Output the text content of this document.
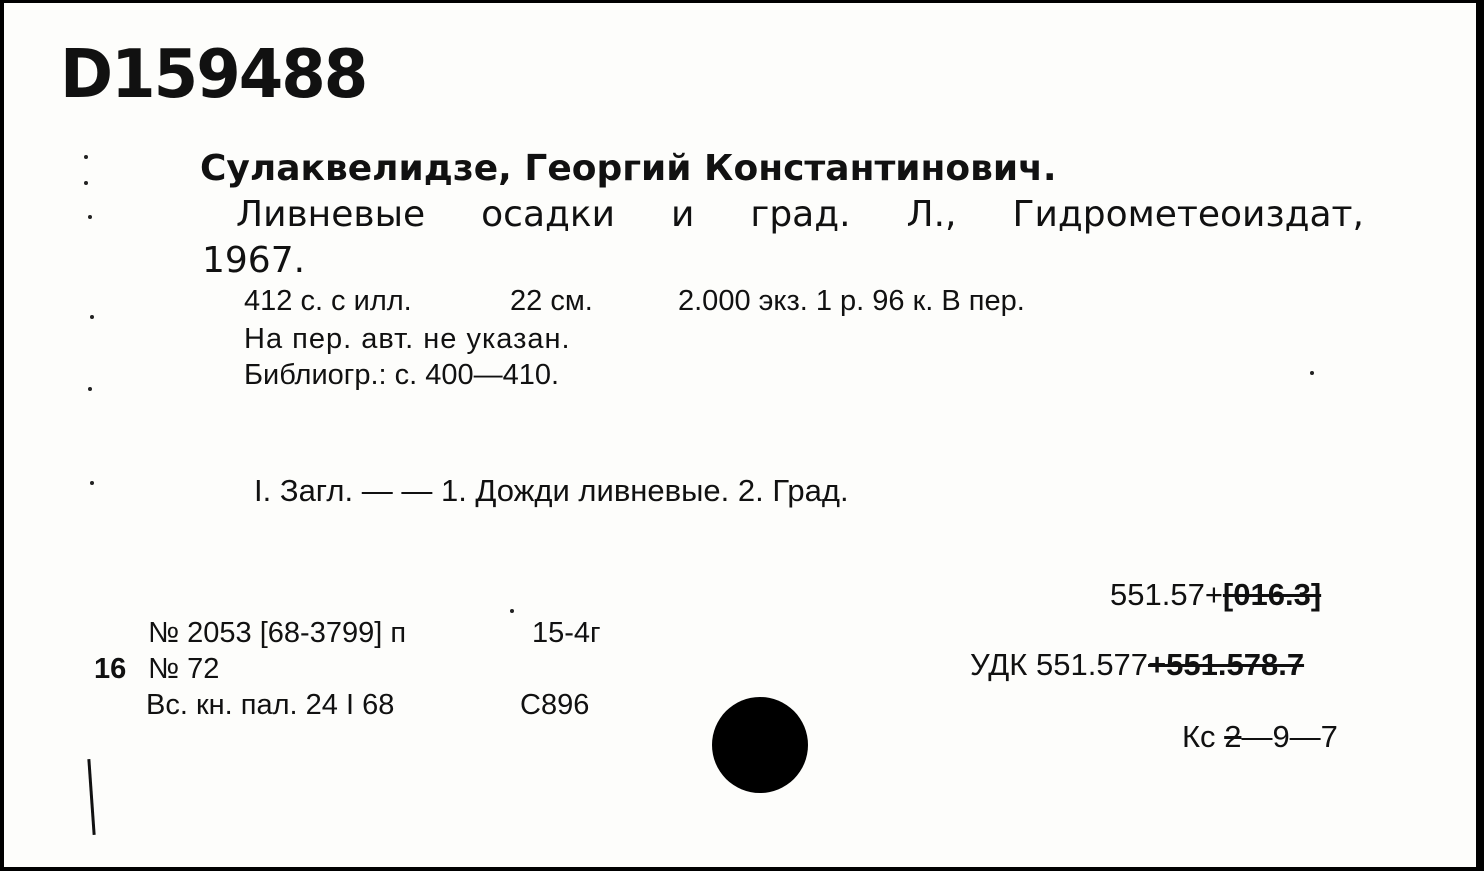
D159488
Сулаквелидзе, Георгий Константинович.
Ливневые осадки и град. Л., Гидрометеоиздат,
1967.
412 с. с илл.	22 см.	2.000 экз. 1 р. 96 к. В пер.
На пер. авт. не указан.
Библиогр.: с. 400—410.
I. Загл. — — 1. Дожди ливневые. 2. Град.
551.57+[016.3]
№ 2053 [68-3799] п	15-4г
16 № 72	УДК 551.577+551.578.7
Вс. кн. пал. 24 I 68	С896
Кс 2—9—7
